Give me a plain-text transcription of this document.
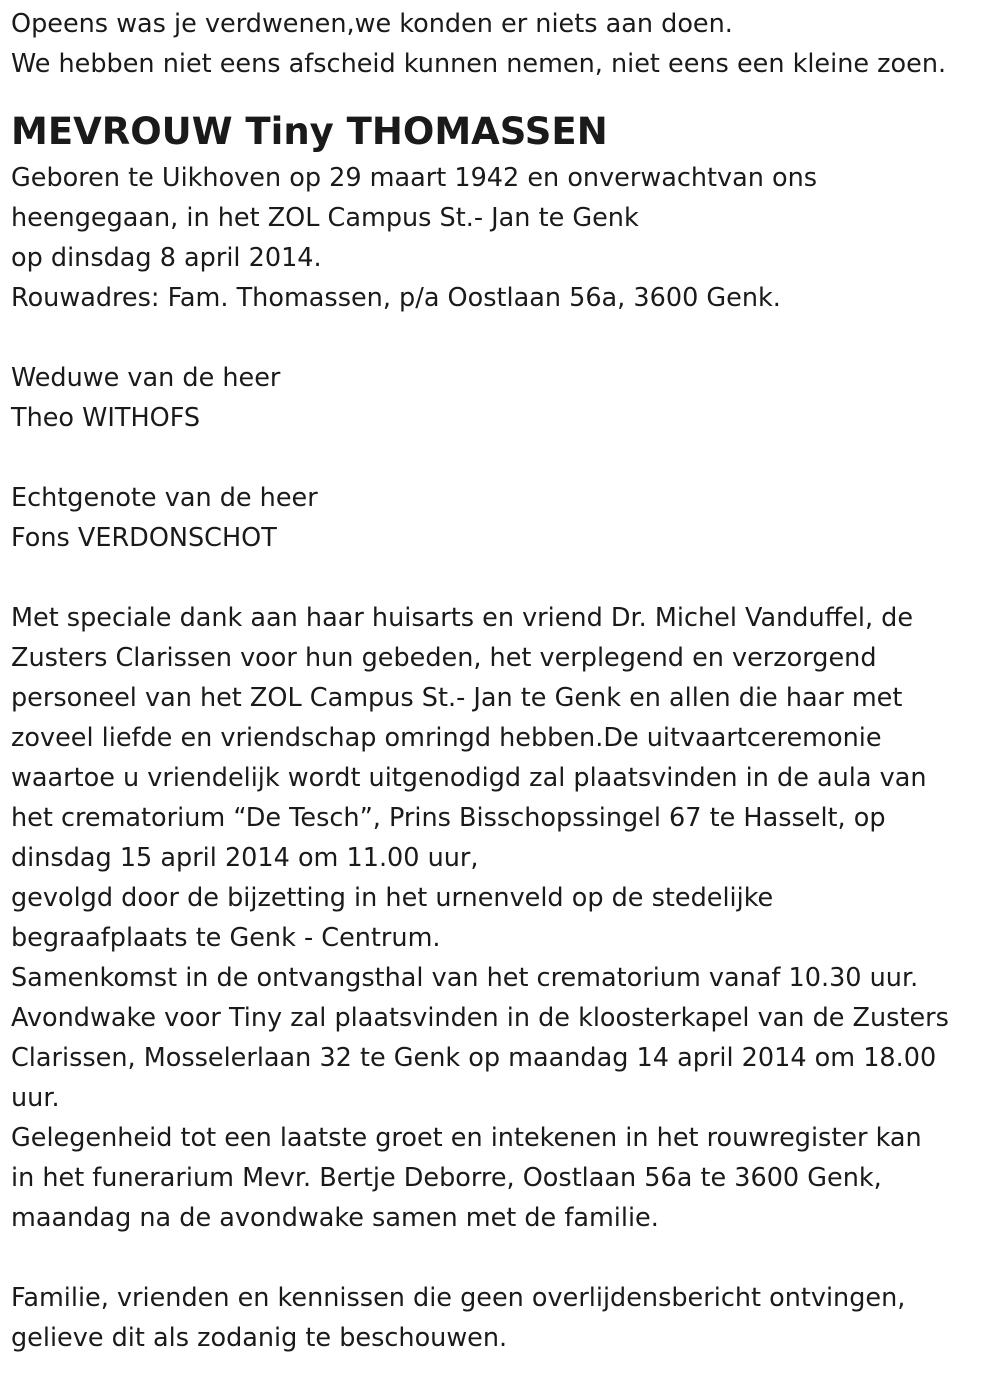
Opeens was je verdwenen,we konden er niets aan doen.
We hebben niet eens afscheid kunnen nemen, niet eens een kleine zoen.
MEVROUW Tiny THOMASSEN
Geboren te Uikhoven op 29 maart 1942 en onverwachtvan ons
heengegaan, in het ZOL Campus St.- Jan te Genk
op dinsdag 8 april 2014.
Rouwadres: Fam. Thomassen, p/a Oostlaan 56a, 3600 Genk.
Weduwe van de heer
Theo WITHOFS
Echtgenote van de heer
Fons VERDONSCHOT
Met speciale dank aan haar huisarts en vriend Dr. Michel Vanduffel, de
Zusters Clarissen voor hun gebeden, het verplegend en verzorgend
personeel van het ZOL Campus St.- Jan te Genk en allen die haar met
zoveel liefde en vriendschap omringd hebben.De uitvaartceremonie
waartoe u vriendelijk wordt uitgenodigd zal plaatsvinden in de aula van
het crematorium “De Tesch”, Prins Bisschopssingel 67 te Hasselt, op
dinsdag 15 april 2014 om 11.00 uur,
gevolgd door de bijzetting in het urnenveld op de stedelijke
begraafplaats te Genk - Centrum.
Samenkomst in de ontvangsthal van het crematorium vanaf 10.30 uur.
Avondwake voor Tiny zal plaatsvinden in de kloosterkapel van de Zusters
Clarissen, Mosselerlaan 32 te Genk op maandag 14 april 2014 om 18.00
uur.
Gelegenheid tot een laatste groet en intekenen in het rouwregister kan
in het funerarium Mevr. Bertje Deborre, Oostlaan 56a te 3600 Genk,
maandag na de avondwake samen met de familie.
Familie, vrienden en kennissen die geen overlijdensbericht ontvingen,
gelieve dit als zodanig te beschouwen.
